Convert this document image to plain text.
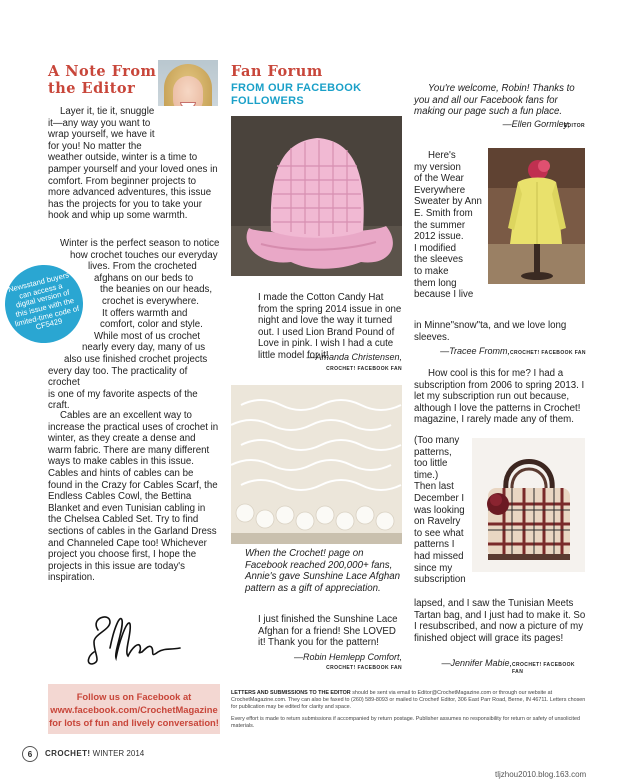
A Note From the Editor

Layer it, tie it, snuggle it—any way you want to wrap yourself, we have it for you! No matter the weather outside, winter is a time to pamper yourself and your loved ones in comfort. From beginner projects to more advanced adventures, this issue has the projects for you to take your hook and whip up some warmth.

Winter is the perfect season to notice
how crochet touches our everyday
lives. From the crocheted
afghans on our beds to
the beanies on our heads,
crochet is everywhere.
It offers warmth and
comfort, color and style.
While most of us crochet
nearly every day, many of us
also use finished crochet projects
every day too. The practicality of crochet
is one of my favorite aspects of the craft.
Newsstand buyers can access a digital version of this issue with the limited-time code of CF5429

Cables are an excellent way to increase the practical uses of crochet in winter, as they create a dense and warm fabric. There are many different ways to make cables in this issue. Cables and hints of cables can be found in the Crazy for Cables Scarf, the Endless Cables Cowl, the Bettina Blanket and even Tunisian cabling in the Chelsea Cabled Set. Try to find sections of cables in the Garland Dress and Channeled Cape too! Whichever project you choose first, I hope the projects in this issue are today's inspiration.

Follow us on Facebook at
www.facebook.com/CrochetMagazine
for lots of fun and lively conversation!
Fan Forum
FROM OUR FACEBOOK FOLLOWERS

I made the Cotton Candy Hat from the spring 2014 issue in one night and love the way it turned out. I used Lion Brand Pound of Love in pink. I wish I had a cute little model for it!

—Amanda Christensen,
CROCHET! FACEBOOK FAN

When the Crochet! page on Facebook reached 200,000+ fans, Annie's gave Sunshine Lace Afghan pattern as a gift of appreciation.

I just finished the Sunshine Lace Afghan for a friend! She LOVED it! Thank you for the pattern!

—Robin Hemlepp Comfort,
CROCHET! FACEBOOK FAN

You're welcome, Robin! Thanks to you and all our Facebook fans for making our page such a fun place.

—Ellen Gormley,
EDITOR
Here's
my version
of the Wear
Everywhere
Sweater by Ann
E. Smith from
the summer
2012 issue.
I modified
the sleeves
to make
them long
because I live
in Minne"snow"ta, and we love long sleeves.
—Tracee Fromm, CROCHET! FACEBOOK FAN

How cool is this for me? I had a subscription from 2006 to spring 2013. I let my subscription run out because, although I love the patterns in Crochet! magazine, I rarely made any of them.

(Too many
patterns,
too little
time.)
Then last
December I
was looking
on Ravelry
to see what
patterns I
had missed
since my
subscription

lapsed, and I saw the Tunisian Meets Tartan bag, and I just had to make it. So I resubscribed, and now a picture of my finished object will grace its pages!

—Jennifer Mabie, CROCHET! FACEBOOK FAN
LETTERS AND SUBMISSIONS TO THE EDITOR should be sent via email to Editor@CrochetMagazine.com or through our website at CrochetMagazine.com. They can also be faxed to (260) 589-8093 or mailed to Crochet! Editor, 306 East Parr Road, Berne, IN 46711. Letters chosen for publication may be edited for clarity and space.
Every effort is made to return submissions if accompanied by return postage. Publisher assumes no responsibility for return or safety of unsolicited materials.
6	CROCHET! WINTER 2014
tljzhou2010.blog.163.com
